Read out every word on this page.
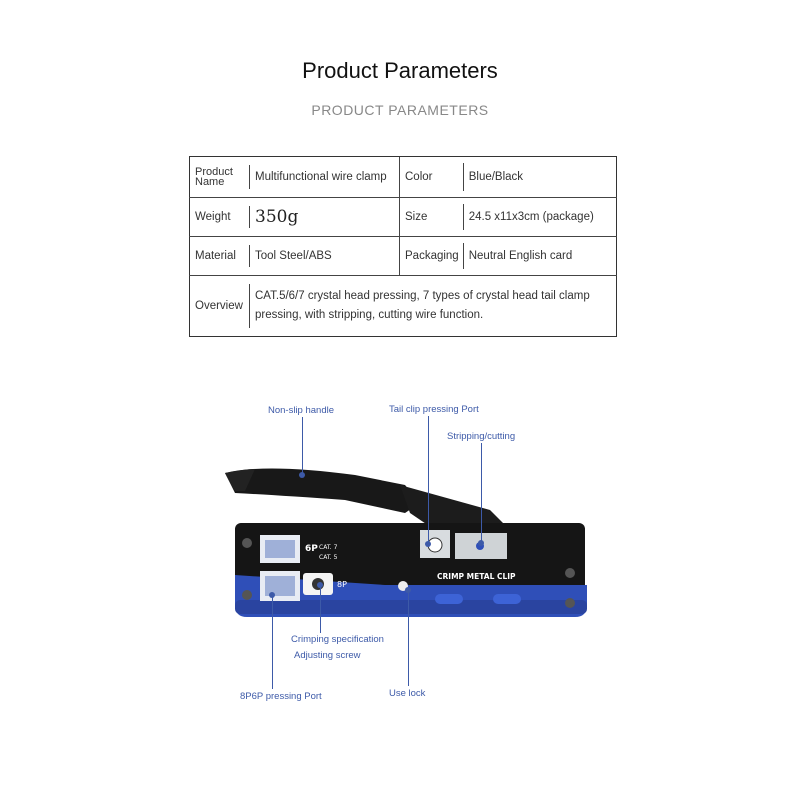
Product Parameters
PRODUCT PARAMETERS
Product Name	Multifunctional wire clamp	Color	Blue/Black
Weight	350g	Size	24.5 x11x3cm (package)
Material	Tool Steel/ABS	Packaging	Neutral English card
Overview	CAT.5/6/7 crystal head pressing, 7 types of crystal head tail clamp pressing, with stripping, cutting wire function.		
Non-slip handle	Tail clip pressing Port
Stripping/cutting
Crimping specification
Adjusting screw
8P6P pressing Port	Use lock
6P CAT. 7
CAT. 5
8P
CRIMP METAL CLIP
